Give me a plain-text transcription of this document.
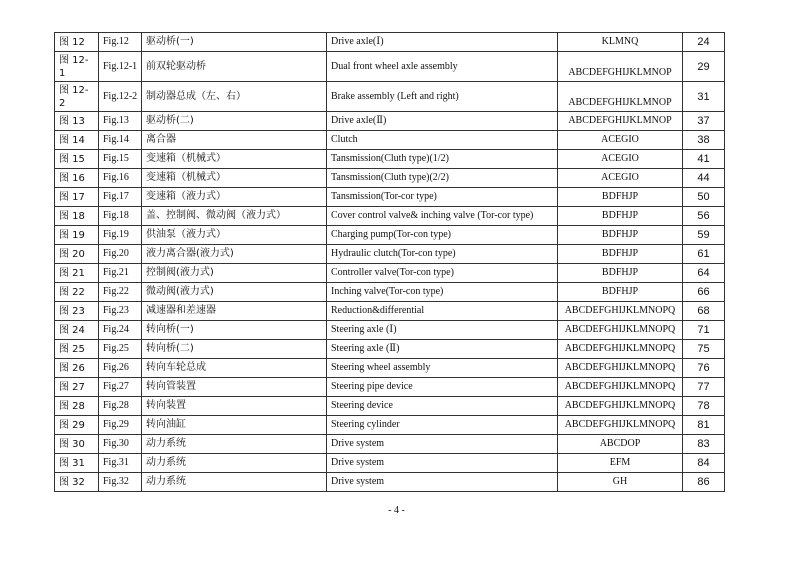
图 12	Fig.12	驱动桥(一)	Drive axle(Ⅰ)	KLMNQ	24
图 12-1	Fig.12-1	前双轮驱动桥	Dual front wheel axle assembly	ABCDEFGHIJKLMNOP	29
图 12-2	Fig.12-2	制动器总成（左、右）	Brake assembly (Left and right)	ABCDEFGHIJKLMNOP	31
图 13	Fig.13	驱动桥(二)	Drive axle(Ⅱ)	ABCDEFGHIJKLMNOP	37
图 14	Fig.14	离合器	Clutch	ACEGIO	38
图 15	Fig.15	变速箱（机械式）	Tansmission(Cluth type)(1/2)	ACEGIO	41
图 16	Fig.16	变速箱（机械式）	Tansmission(Cluth type)(2/2)	ACEGIO	44
图 17	Fig.17	变速箱（液力式）	Tansmission(Tor-cor type)	BDFHJP	50
图 18	Fig.18	盖、控制阀、微动阀（液力式）	Cover control valve& inching valve (Tor-cor type)	BDFHJP	56
图 19	Fig.19	供油泵（液力式）	Charging pump(Tor-con type)	BDFHJP	59
图 20	Fig.20	液力离合器(液力式)	Hydraulic clutch(Tor-con type)	BDFHJP	61
图 21	Fig.21	控制阀(液力式)	Controller valve(Tor-con type)	BDFHJP	64
图 22	Fig.22	微动阀(液力式)	Inching valve(Tor-con type)	BDFHJP	66
图 23	Fig.23	减速器和差速器	Reduction&differential	ABCDEFGHIJKLMNOPQ	68
图 24	Fig.24	转向桥(一)	Steering axle (Ⅰ)	ABCDEFGHIJKLMNOPQ	71
图 25	Fig.25	转向桥(二)	Steering axle (Ⅱ)	ABCDEFGHIJKLMNOPQ	75
图 26	Fig.26	转向车轮总成	Steering wheel assembly	ABCDEFGHIJKLMNOPQ	76
图 27	Fig.27	转向管装置	Steering pipe device	ABCDEFGHIJKLMNOPQ	77
图 28	Fig.28	转向装置	Steering device	ABCDEFGHIJKLMNOPQ	78
图 29	Fig.29	转向油缸	Steering cylinder	ABCDEFGHIJKLMNOPQ	81
图 30	Fig.30	动力系统	Drive system	ABCDOP	83
图 31	Fig.31	动力系统	Drive system	EFM	84
图 32	Fig.32	动力系统	Drive system	GH	86
- 4 -
